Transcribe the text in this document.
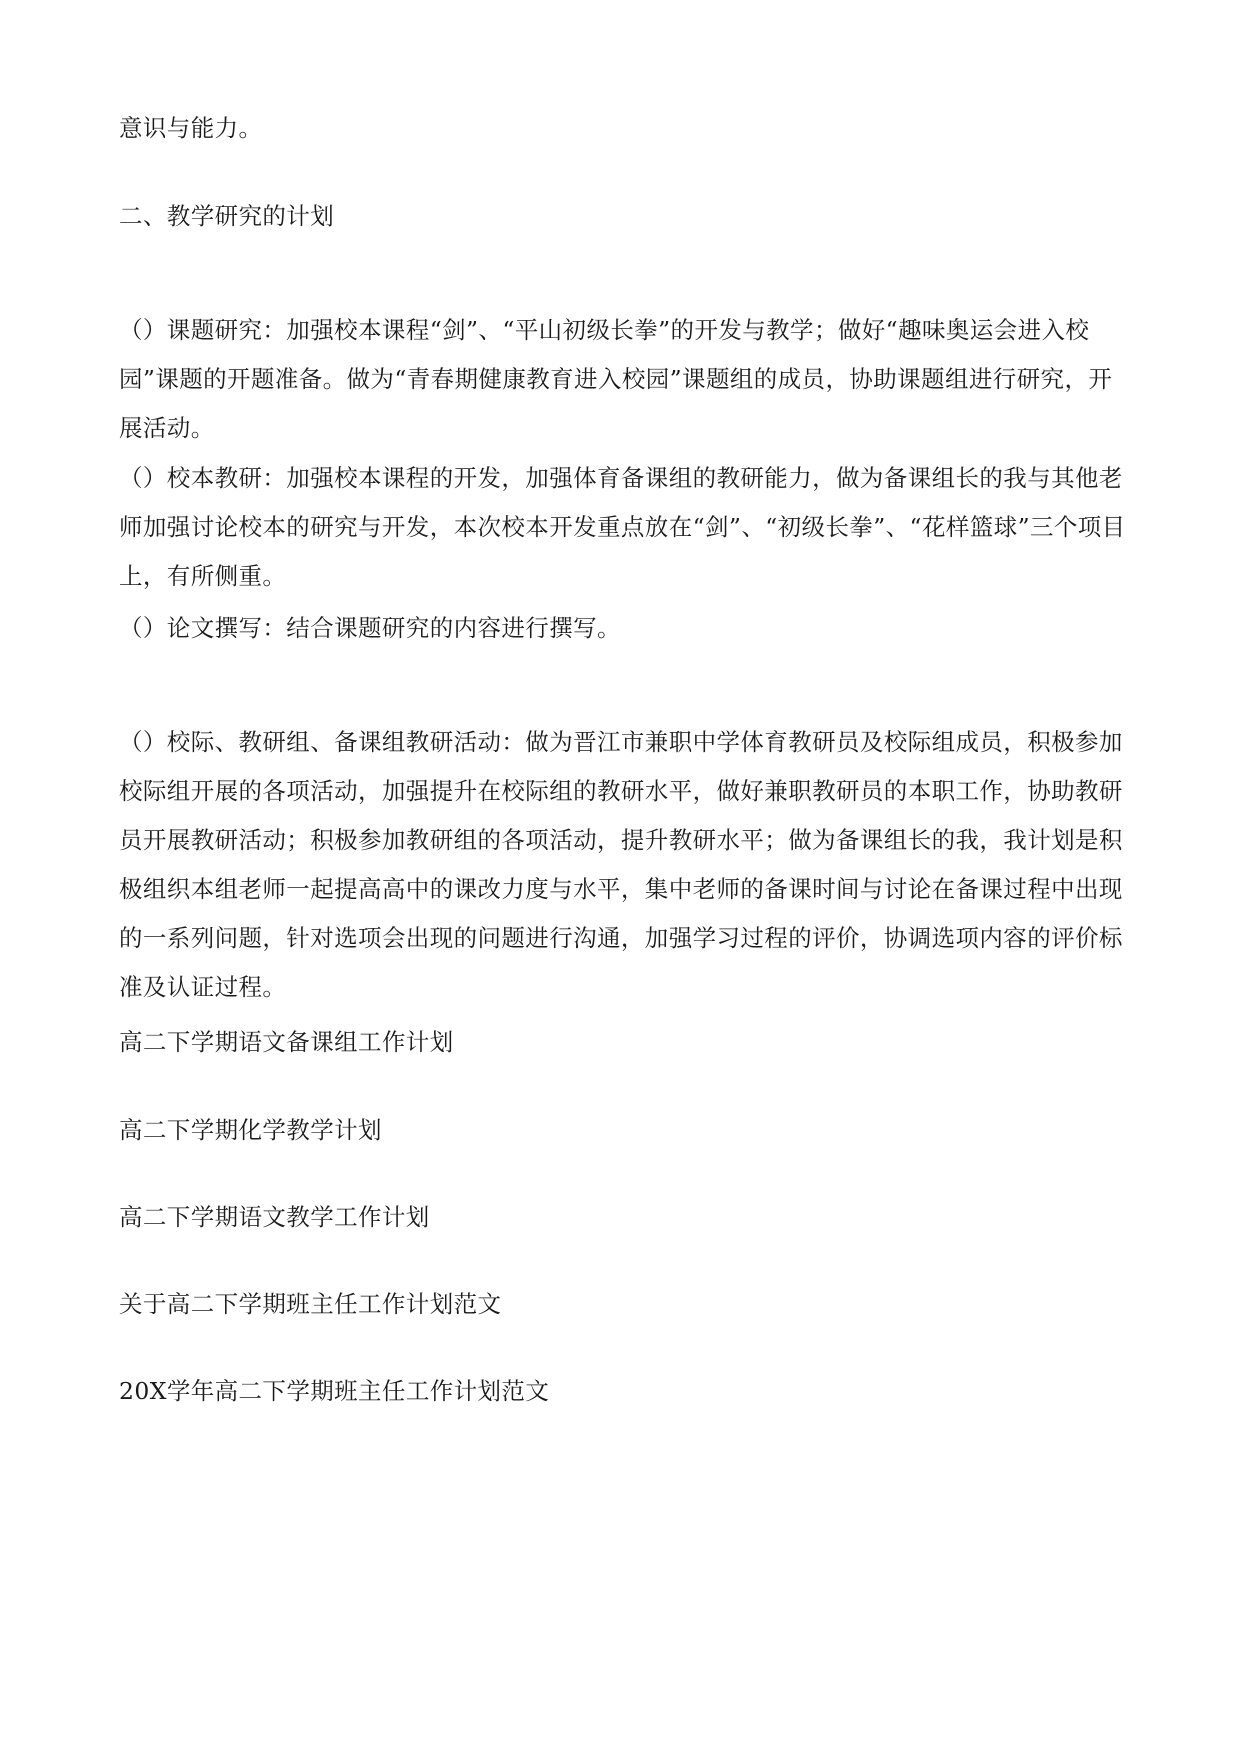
意识与能力。

二、教学研究的计划

（）课题研究：加强校本课程“剑”、“平山初级长拳”的开发与教学；做好“趣味奥运会进入校园”课题的开题准备。做为“青春期健康教育进入校园”课题组的成员，协助课题组进行研究，开展活动。

（）校本教研：加强校本课程的开发，加强体育备课组的教研能力，做为备课组长的我与其他老师加强讨论校本的研究与开发，本次校本开发重点放在“剑”、“初级长拳”、“花样篮球”三个项目上，有所侧重。

（）论文撰写：结合课题研究的内容进行撰写。

（）校际、教研组、备课组教研活动：做为晋江市兼职中学体育教研员及校际组成员，积极参加校际组开展的各项活动，加强提升在校际组的教研水平，做好兼职教研员的本职工作，协助教研员开展教研活动；积极参加教研组的各项活动，提升教研水平；做为备课组长的我，我计划是积极组织本组老师一起提高高中的课改力度与水平，集中老师的备课时间与讨论在备课过程中出现的一系列问题，针对选项会出现的问题进行沟通，加强学习过程的评价，协调选项内容的评价标准及认证过程。

高二下学期语文备课组工作计划

高二下学期化学教学计划

高二下学期语文教学工作计划

关于高二下学期班主任工作计划范文

20X学年高二下学期班主任工作计划范文
